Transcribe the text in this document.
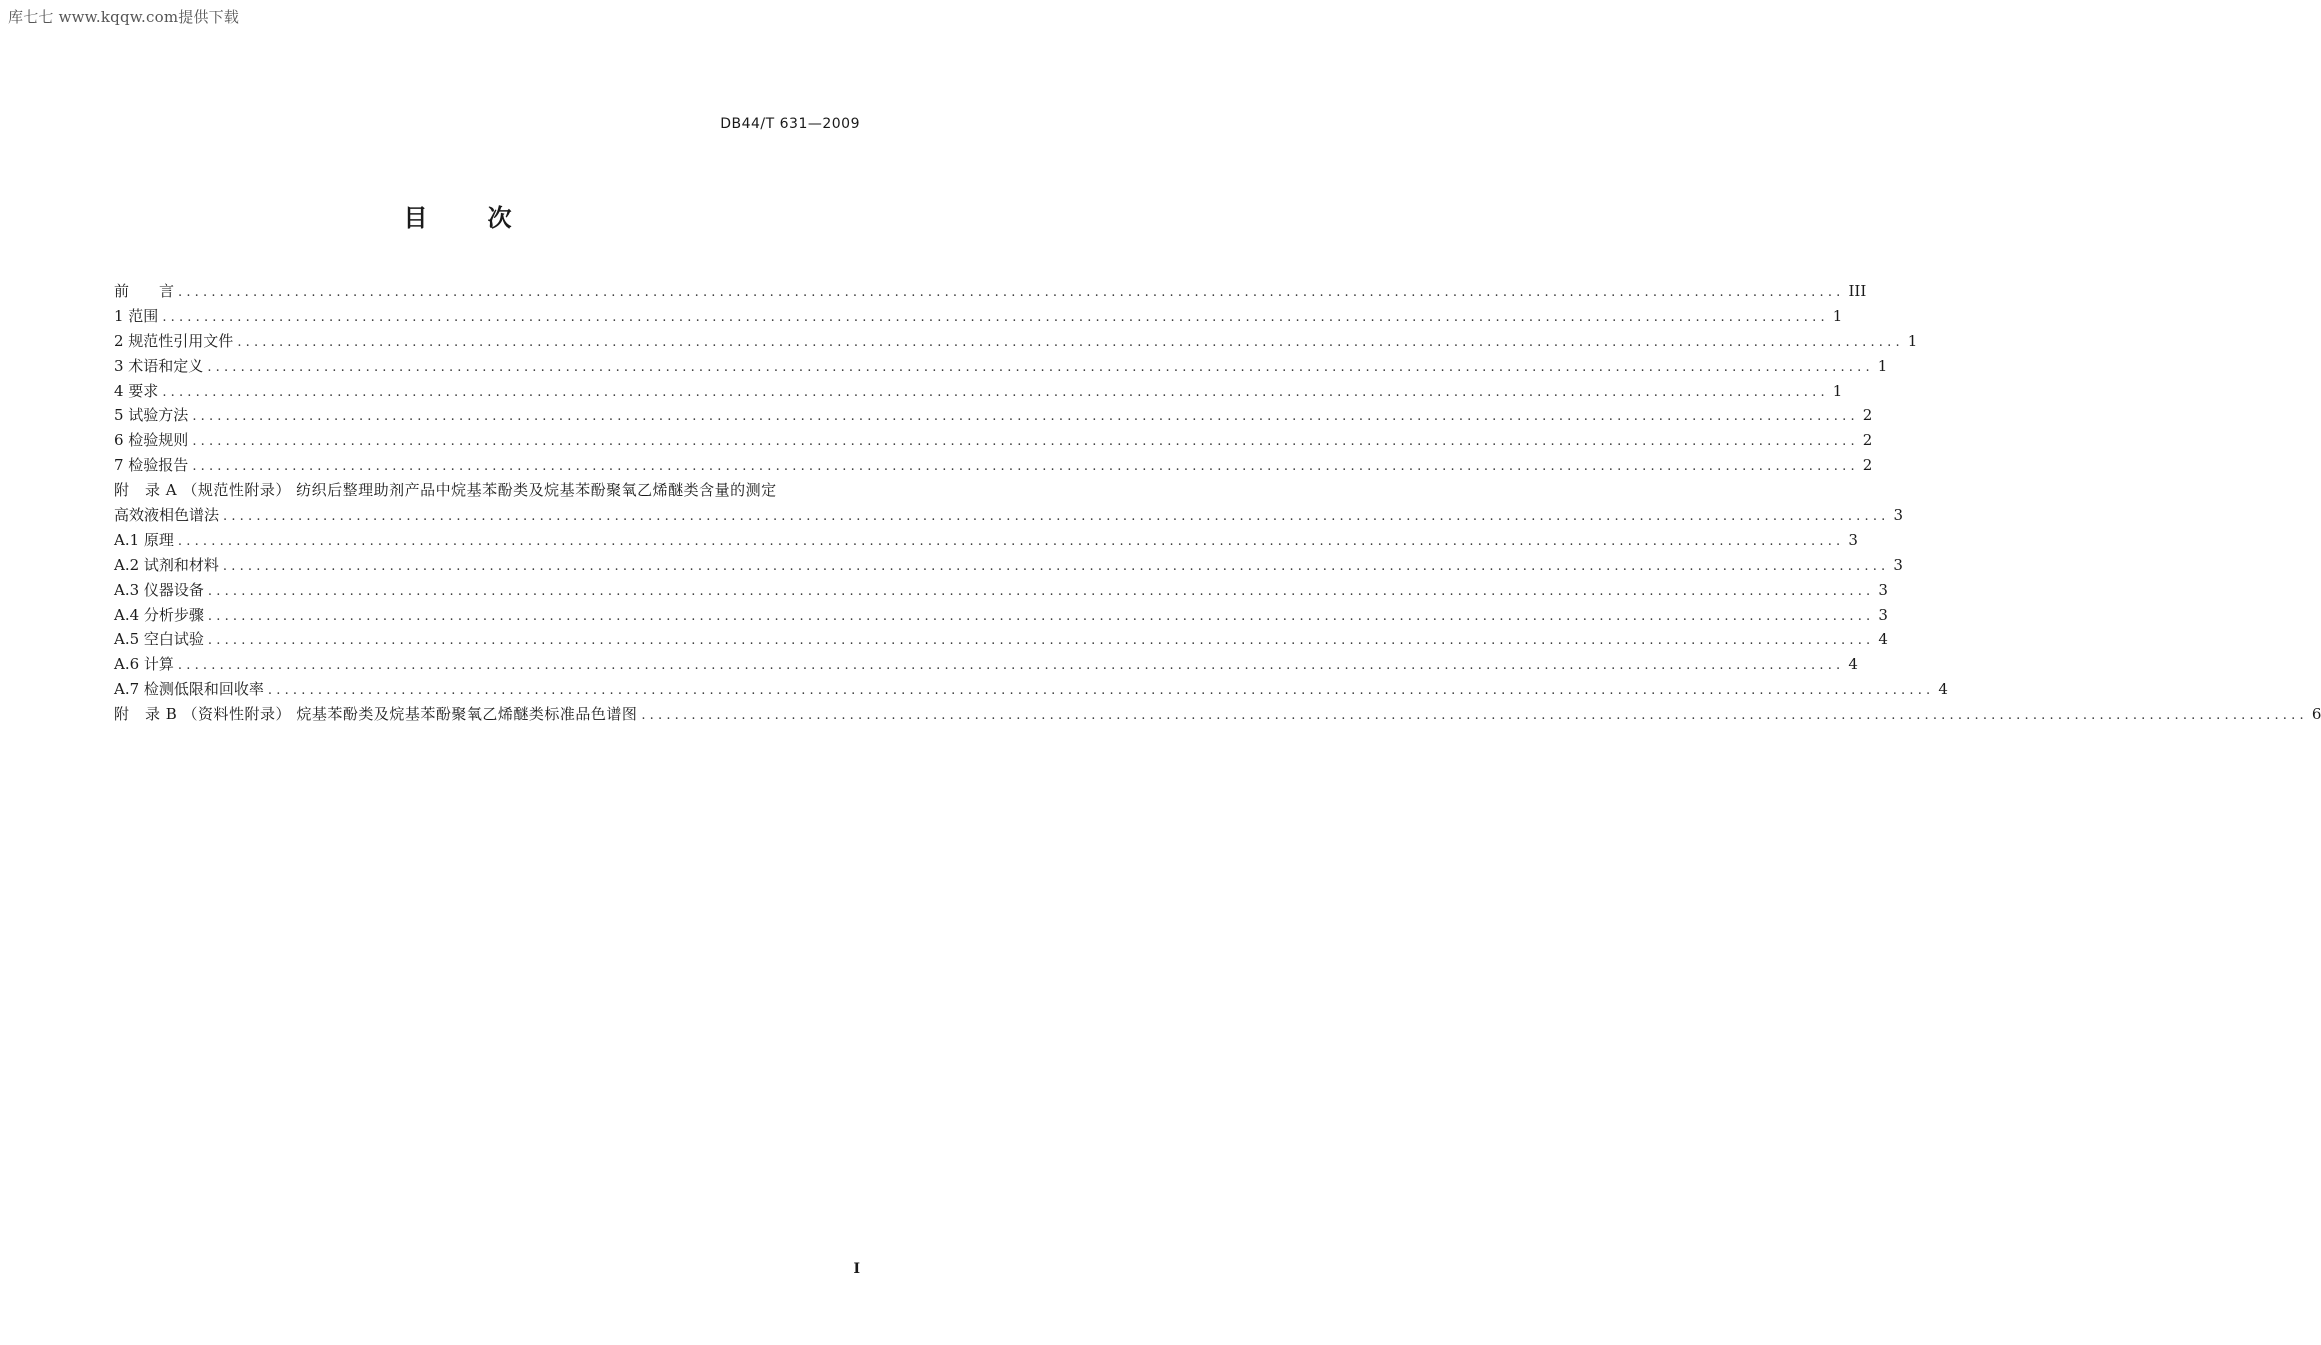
库七七 www.kqqw.com提供下载
DB44/T 631—2009
目次
前　　言 ........................................................................................................................................................................................................ III
1 范围 ........................................................................................................................................................................................................ 1
2 规范性引用文件 ........................................................................................................................................................................................................ 1
3 术语和定义 ........................................................................................................................................................................................................ 1
4 要求 ........................................................................................................................................................................................................ 1
5 试验方法 ........................................................................................................................................................................................................ 2
6 检验规则 ........................................................................................................................................................................................................ 2
7 检验报告 ........................................................................................................................................................................................................ 2
附　录 A （规范性附录） 纺织后整理助剂产品中烷基苯酚类及烷基苯酚聚氧乙烯醚类含量的测定
高效液相色谱法 ........................................................................................................................................................................................................ 3
A.1 原理 ........................................................................................................................................................................................................ 3
A.2 试剂和材料 ........................................................................................................................................................................................................ 3
A.3 仪器设备 ........................................................................................................................................................................................................ 3
A.4 分析步骤 ........................................................................................................................................................................................................ 3
A.5 空白试验 ........................................................................................................................................................................................................ 4
A.6 计算 ........................................................................................................................................................................................................ 4
A.7 检测低限和回收率 ........................................................................................................................................................................................................ 4
附　录 B （资料性附录） 烷基苯酚类及烷基苯酚聚氧乙烯醚类标准品色谱图 ........................................................................................................................................................................................................ 6
I
